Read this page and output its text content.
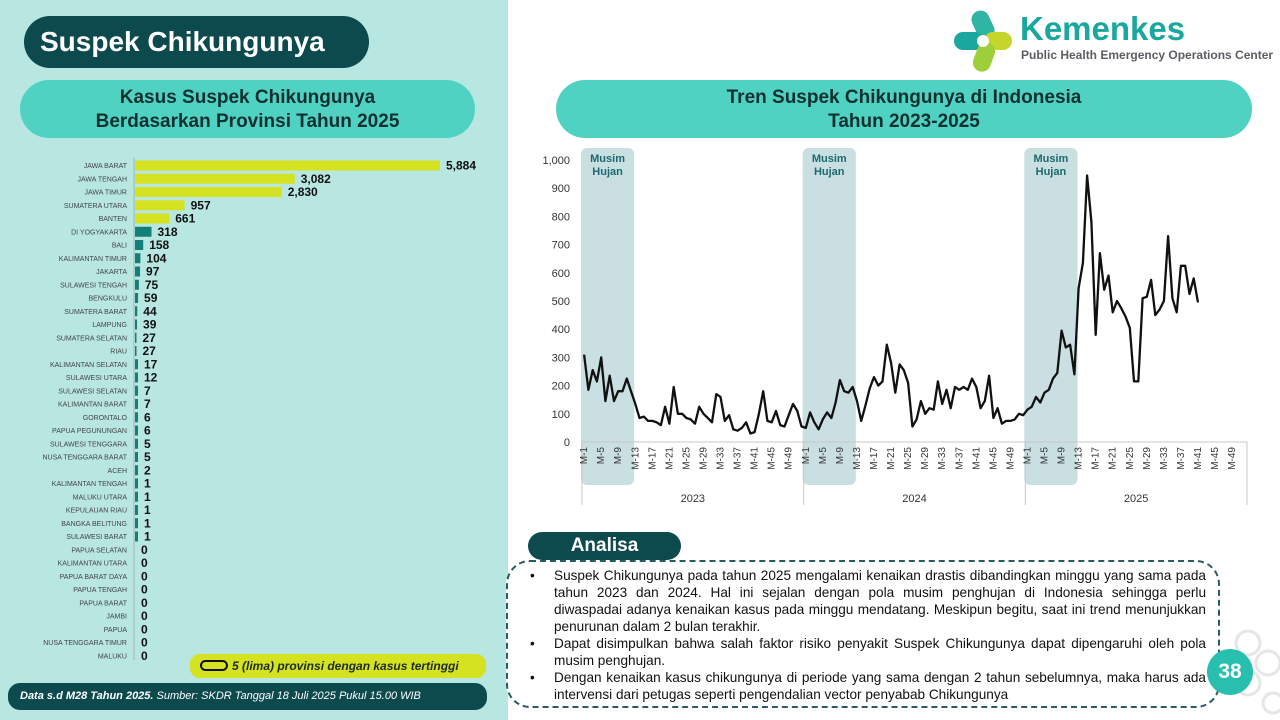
Suspek Chikungunya
Kasus Suspek Chikungunya
Berdasarkan Provinsi Tahun 2025
JAWA BARAT	5,884
JAWA TENGAH	3,082
JAWA TIMUR	2,830
SUMATERA UTARA	957
BANTEN	661
DI YOGYAKARTA	318
BALI 158
KALIMANTAN TIMUR 104
JAKARTA 97
SULAWESI TENGAH 75
BENGKULU 59
SUMATERA BARAT 44
LAMPUNG 39
SUMATERA SELATAN 27
RIAU 27
KALIMANTAN SELATAN 17
SULAWESI UTARA 12
SULAWESI SELATAN 7
KALIMANTAN BARAT 7
GORONTALO 6
PAPUA PEGUNUNGAN 6
SULAWESI TENGGARA 5
NUSA TENGGARA BARAT 5
ACEH 2
KALIMANTAN TENGAH 1
MALUKU UTARA 1
KEPULAUAN RIAU 1
BANGKA BELITUNG 1
SULAWESI BARAT 1
PAPUA SELATAN 0
KALIMANTAN UTARA 0
PAPUA BARAT DAYA 0
PAPUA TENGAH 0
PAPUA BARAT 0
JAMBI 0
PAPUA 0
NUSA TENGGARA TIMUR 0
MALUKU 0
5 (lima) provinsi dengan kasus tertinggi
Data s.d M28 Tahun 2025. Sumber: SKDR Tanggal 18 Juli 2025 Pukul 15.00 WIB
Kemenkes
Public Health Emergency Operations Center
Tren Suspek Chikungunya di Indonesia
Tahun 2023-2025
Musim
Hujan
Musim
Hujan
Musim
Hujan
0
100
200
300
400
500
600
700
800
900
1,000
2023	2024	2025
M-1 M-5 M-9 M-13 M-17 M-21 M-25 M-29 M-33 M-37 M-41 M-45 M-49 M-1 M-5 M-9 M-13 M-17 M-21 M-25 M-29 M-33 M-37 M-41 M-45 M-49 M-1 M-5 M-9 M-13 M-17 M-21 M-25 M-29 M-33 M-37 M-41 M-45 M-49
Analisa
• Suspek Chikungunya pada tahun 2025 mengalami kenaikan drastis dibandingkan minggu yang sama pada tahun 2023 dan 2024. Hal ini sejalan dengan pola musim penghujan di Indonesia sehingga perlu diwaspadai adanya kenaikan kasus pada minggu mendatang. Meskipun begitu, saat ini trend menunjukkan penurunan dalam 2 bulan terakhir.
• Dapat disimpulkan bahwa salah faktor risiko penyakit Suspek Chikungunya dapat dipengaruhi oleh pola musim penghujan.
• Dengan kenaikan kasus chikungunya di periode yang sama dengan 2 tahun sebelumnya, maka harus ada intervensi dari petugas seperti pengendalian vector penyabab Chikungunya
38
